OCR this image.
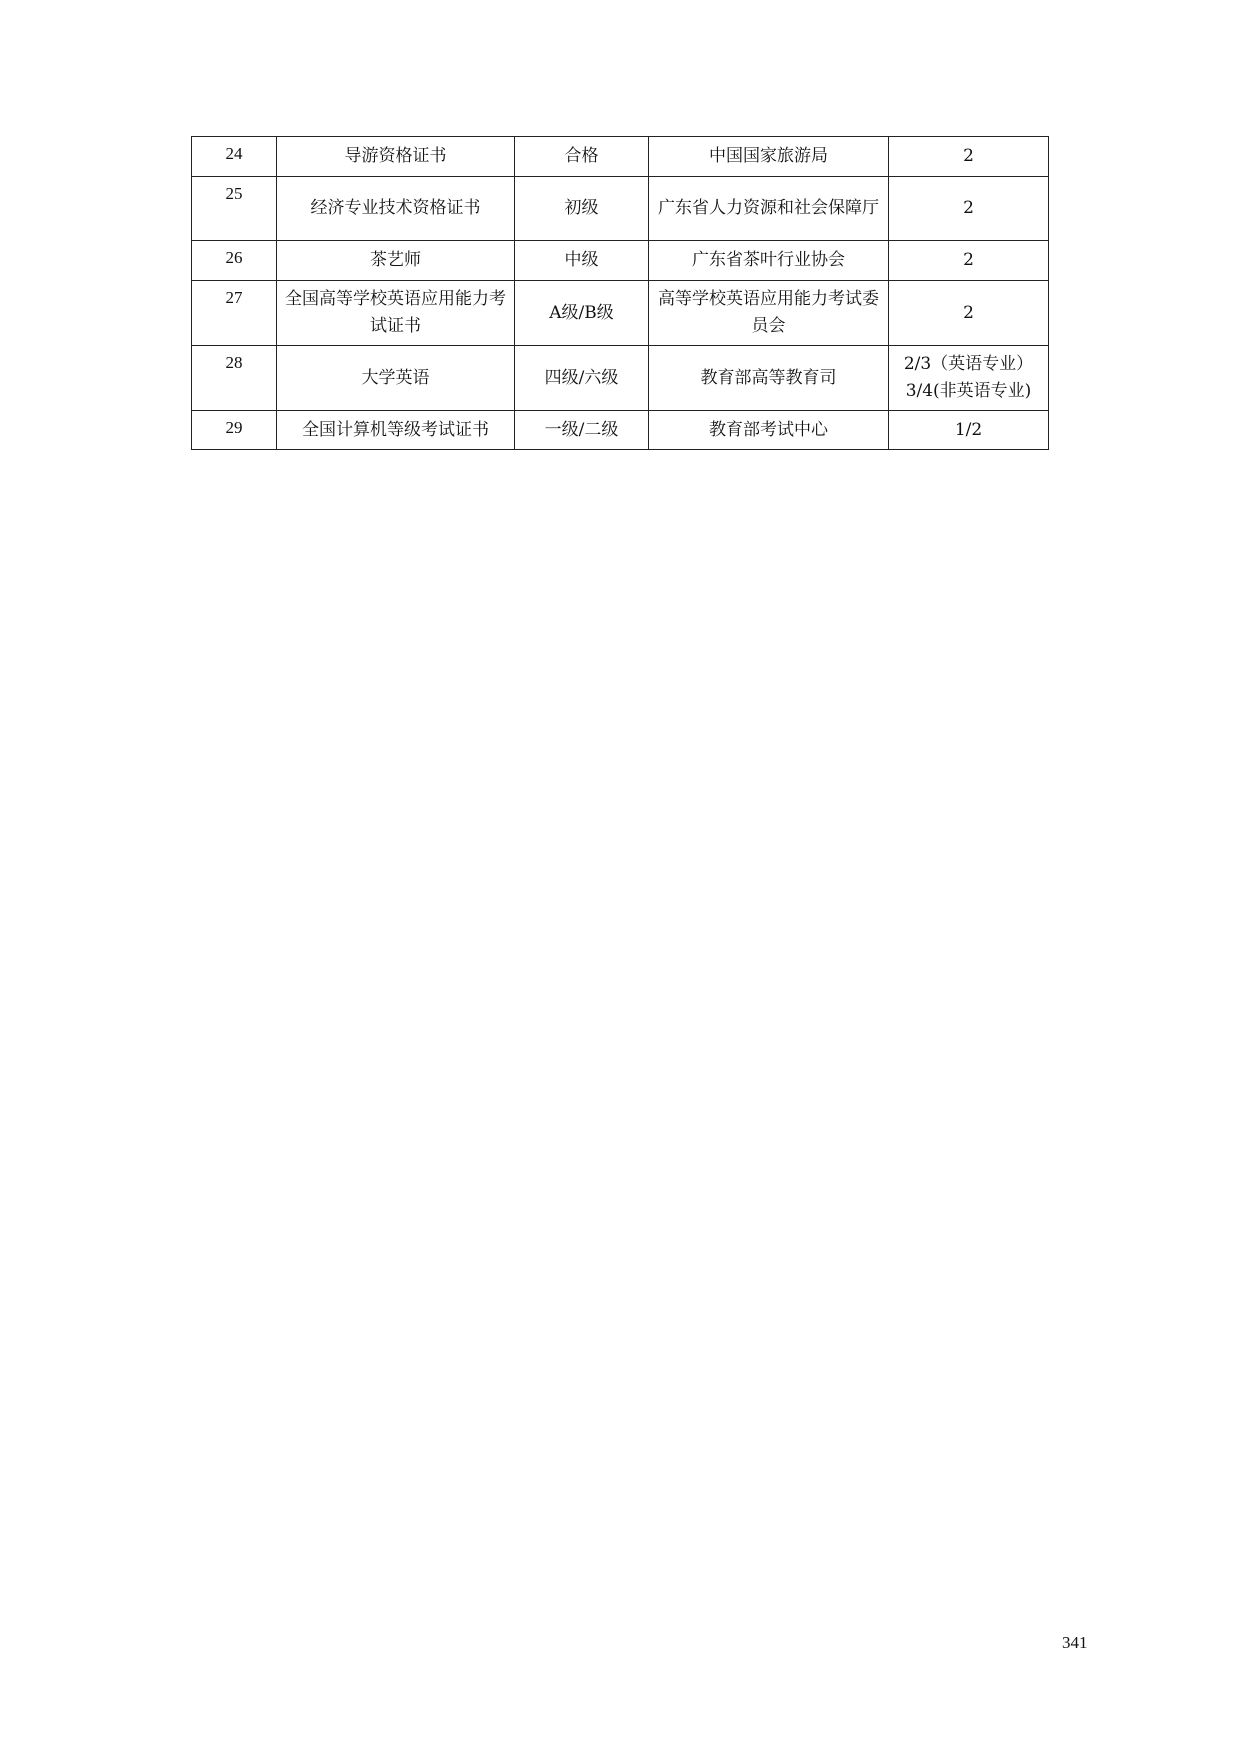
24	导游资格证书	合格	中国国家旅游局	2
25	经济专业技术资格证书	初级	广东省人力资源和社会保障厅	2
26	茶艺师	中级	广东省茶叶行业协会	2
27	全国高等学校英语应用能力考试证书	A级/B级	高等学校英语应用能力考试委员会	2
28	大学英语	四级/六级	教育部高等教育司	2/3（英语专业）
3/4(非英语专业)
29	全国计算机等级考试证书	一级/二级	教育部考试中心	1/2
341
